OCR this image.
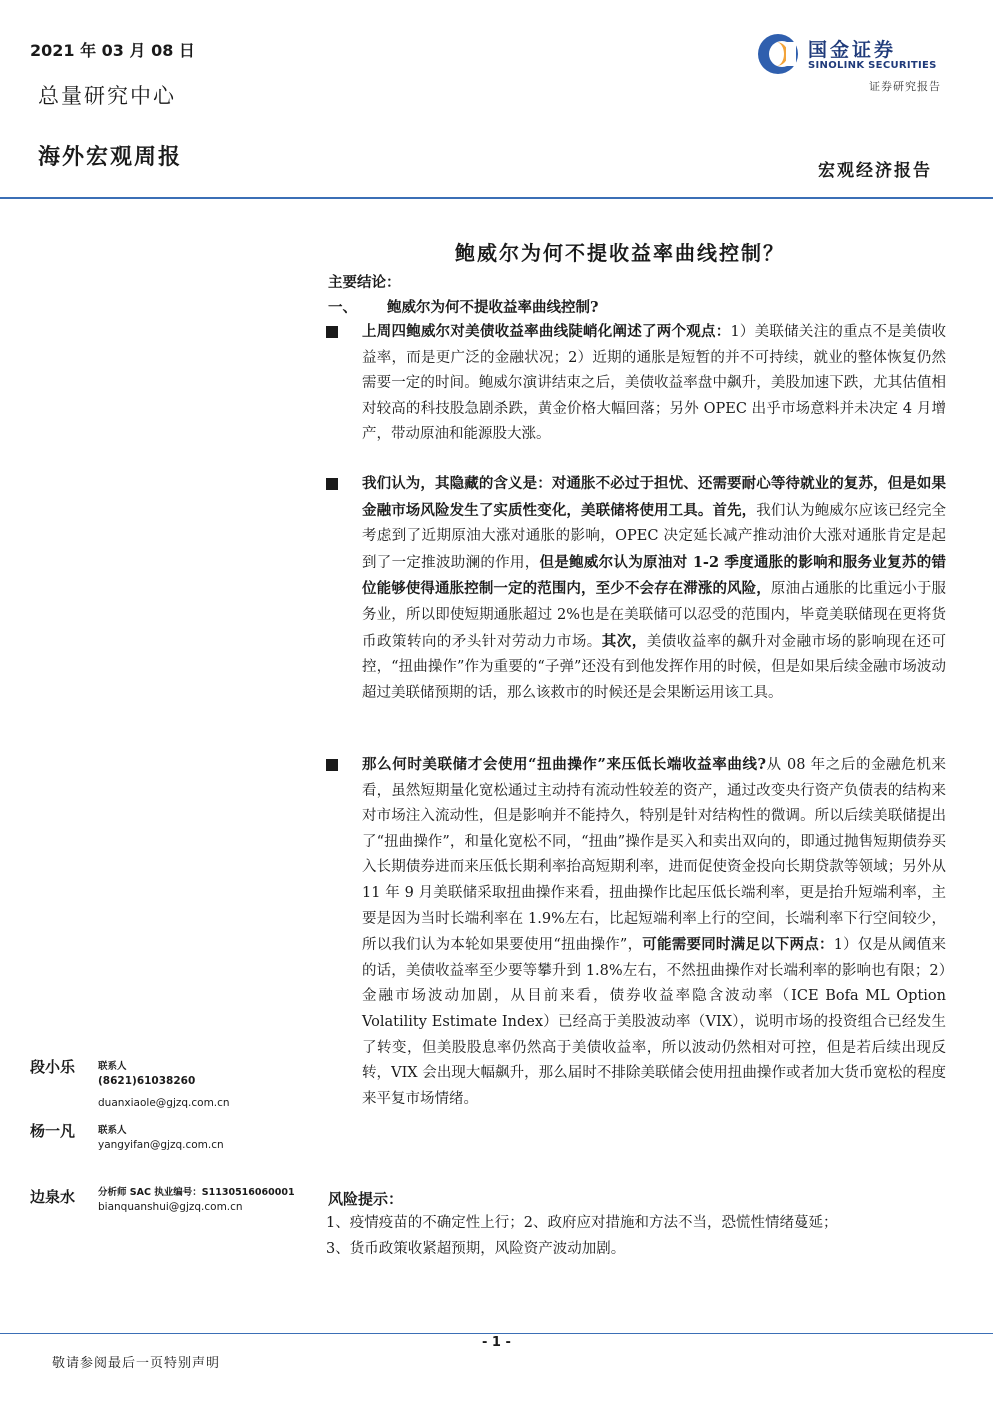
2021 年 03 月 08 日
总量研究中心
海外宏观周报
国金证券
SINOLINK SECURITIES
证券研究报告
宏观经济报告
鲍威尔为何不提收益率曲线控制？
主要结论：
一、 鲍威尔为何不提收益率曲线控制?
上周四鲍威尔对美债收益率曲线陡峭化阐述了两个观点：1）美联储关注的重点不是美债收益率，而是更广泛的金融状况；2）近期的通胀是短暂的并不可持续，就业的整体恢复仍然需要一定的时间。鲍威尔演讲结束之后，美债收益率盘中飙升，美股加速下跌，尤其估值相对较高的科技股急剧杀跌，黄金价格大幅回落；另外 OPEC 出乎市场意料并未决定 4 月增产，带动原油和能源股大涨。
我们认为，其隐藏的含义是：对通胀不必过于担忧、还需要耐心等待就业的复苏，但是如果金融市场风险发生了实质性变化，美联储将使用工具。首先，我们认为鲍威尔应该已经完全考虑到了近期原油大涨对通胀的影响，OPEC 决定延长减产推动油价大涨对通胀肯定是起到了一定推波助澜的作用，但是鲍威尔认为原油对 1-2 季度通胀的影响和服务业复苏的错位能够使得通胀控制一定的范围内，至少不会存在滞涨的风险，原油占通胀的比重远小于服务业，所以即使短期通胀超过 2%也是在美联储可以忍受的范围内，毕竟美联储现在更将货币政策转向的矛头针对劳动力市场。其次，美债收益率的飙升对金融市场的影响现在还可控，“扭曲操作”作为重要的“子弹”还没有到他发挥作用的时候，但是如果后续金融市场波动超过美联储预期的话，那么该救市的时候还是会果断运用该工具。
那么何时美联储才会使用“扭曲操作”来压低长端收益率曲线?从 08 年之后的金融危机来看，虽然短期量化宽松通过主动持有流动性较差的资产，通过改变央行资产负债表的结构来对市场注入流动性，但是影响并不能持久，特别是针对结构性的微调。所以后续美联储提出了“扭曲操作”，和量化宽松不同，“扭曲”操作是买入和卖出双向的，即通过抛售短期债券买入长期债券进而来压低长期利率抬高短期利率，进而促使资金投向长期贷款等领域；另外从 11 年 9 月美联储采取扭曲操作来看，扭曲操作比起压低长端利率，更是抬升短端利率，主要是因为当时长端利率在 1.9%左右，比起短端利率上行的空间，长端利率下行空间较少，所以我们认为本轮如果要使用“扭曲操作”，可能需要同时满足以下两点：1）仅是从阈值来的话，美债收益率至少要等攀升到 1.8%左右，不然扭曲操作对长端利率的影响也有限；2）金融市场波动加剧，从目前来看，债券收益率隐含波动率（ICE Bofa ML Option Volatility Estimate Index）已经高于美股波动率（VIX），说明市场的投资组合已经发生了转变，但美股股息率仍然高于美债收益率，所以波动仍然相对可控，但是若后续出现反转，VIX 会出现大幅飙升，那么届时不排除美联储会使用扭曲操作或者加大货币宽松的程度来平复市场情绪。
段小乐 联系人
(8621)61038260
duanxiaole@gjzq.com.cn
杨一凡 联系人
yangyifan@gjzq.com.cn
边泉水 分析师 SAC 执业编号：S1130516060001
bianquanshui@gjzq.com.cn	风险提示：
1、疫情疫苗的不确定性上行；2、政府应对措施和方法不当，恐慌性情绪蔓延；
3、货币政策收紧超预期，风险资产波动加剧。
- 1 -
敬请参阅最后一页特别声明
